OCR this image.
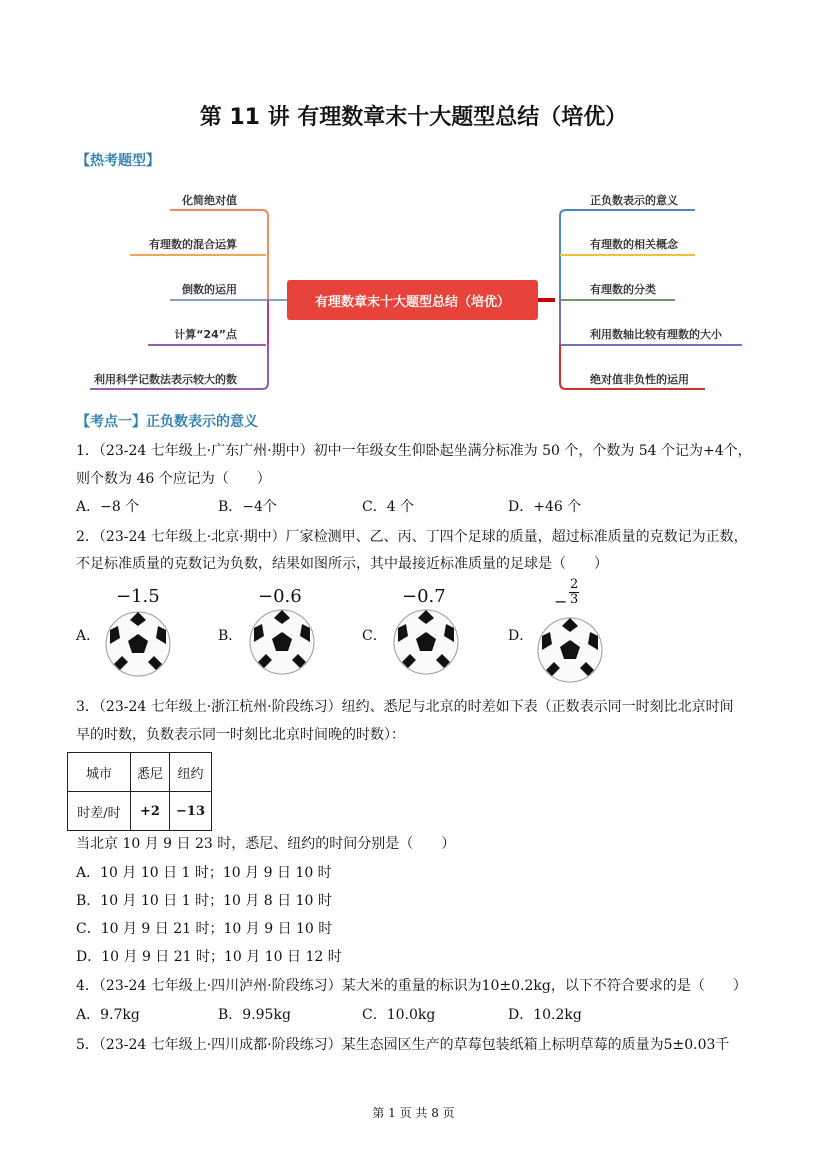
第 11 讲 有理数章末十大题型总结（培优）
【热考题型】
化简绝对值
有理数的混合运算
倒数的运用
计算“24”点
利用科学记数法表示较大的数
有理数章末十大题型总结（培优）
正负数表示的意义
有理数的相关概念
有理数的分类
利用数轴比较有理数的大小
绝对值非负性的运用
【考点一】正负数表示的意义
1．（23-24 七年级上·广东广州·期中）初中一年级女生仰卧起坐满分标准为 50 个，个数为 54 个记为+4个，
则个数为 46 个应记为（　　）
A．−8 个	B．−4个	C．4 个	D．+46 个
2．（23-24 七年级上·北京·期中）厂家检测甲、乙、丙、丁四个足球的质量，超过标准质量的克数记为正数，
不足标准质量的克数记为负数，结果如图所示，其中最接近标准质量的足球是（　　）
A．
−1.5
B．
−0.6
C．
−0.7
D．
− $\frac{2}{3}$
3．（23-24 七年级上·浙江杭州·阶段练习）纽约、悉尼与北京的时差如下表（正数表示同一时刻比北京时间
早的时数，负数表示同一时刻比北京时间晚的时数）：
城市	悉尼	纽约
时差/时	+2	−13
当北京 10 月 9 日 23 时，悉尼、纽约的时间分别是（　　）
A．10 月 10 日 1 时；10 月 9 日 10 时
B．10 月 10 日 1 时；10 月 8 日 10 时
C．10 月 9 日 21 时；10 月 9 日 10 时
D．10 月 9 日 21 时；10 月 10 日 12 时
4．（23-24 七年级上·四川泸州·阶段练习）某大米的重量的标识为10±0.2kg，以下不符合要求的是（　　）
A．9.7kg	B．9.95kg	C．10.0kg	D．10.2kg
5．（23-24 七年级上·四川成都·阶段练习）某生态园区生产的草莓包装纸箱上标明草莓的质量为5±0.03千
第 1 页 共 8 页
